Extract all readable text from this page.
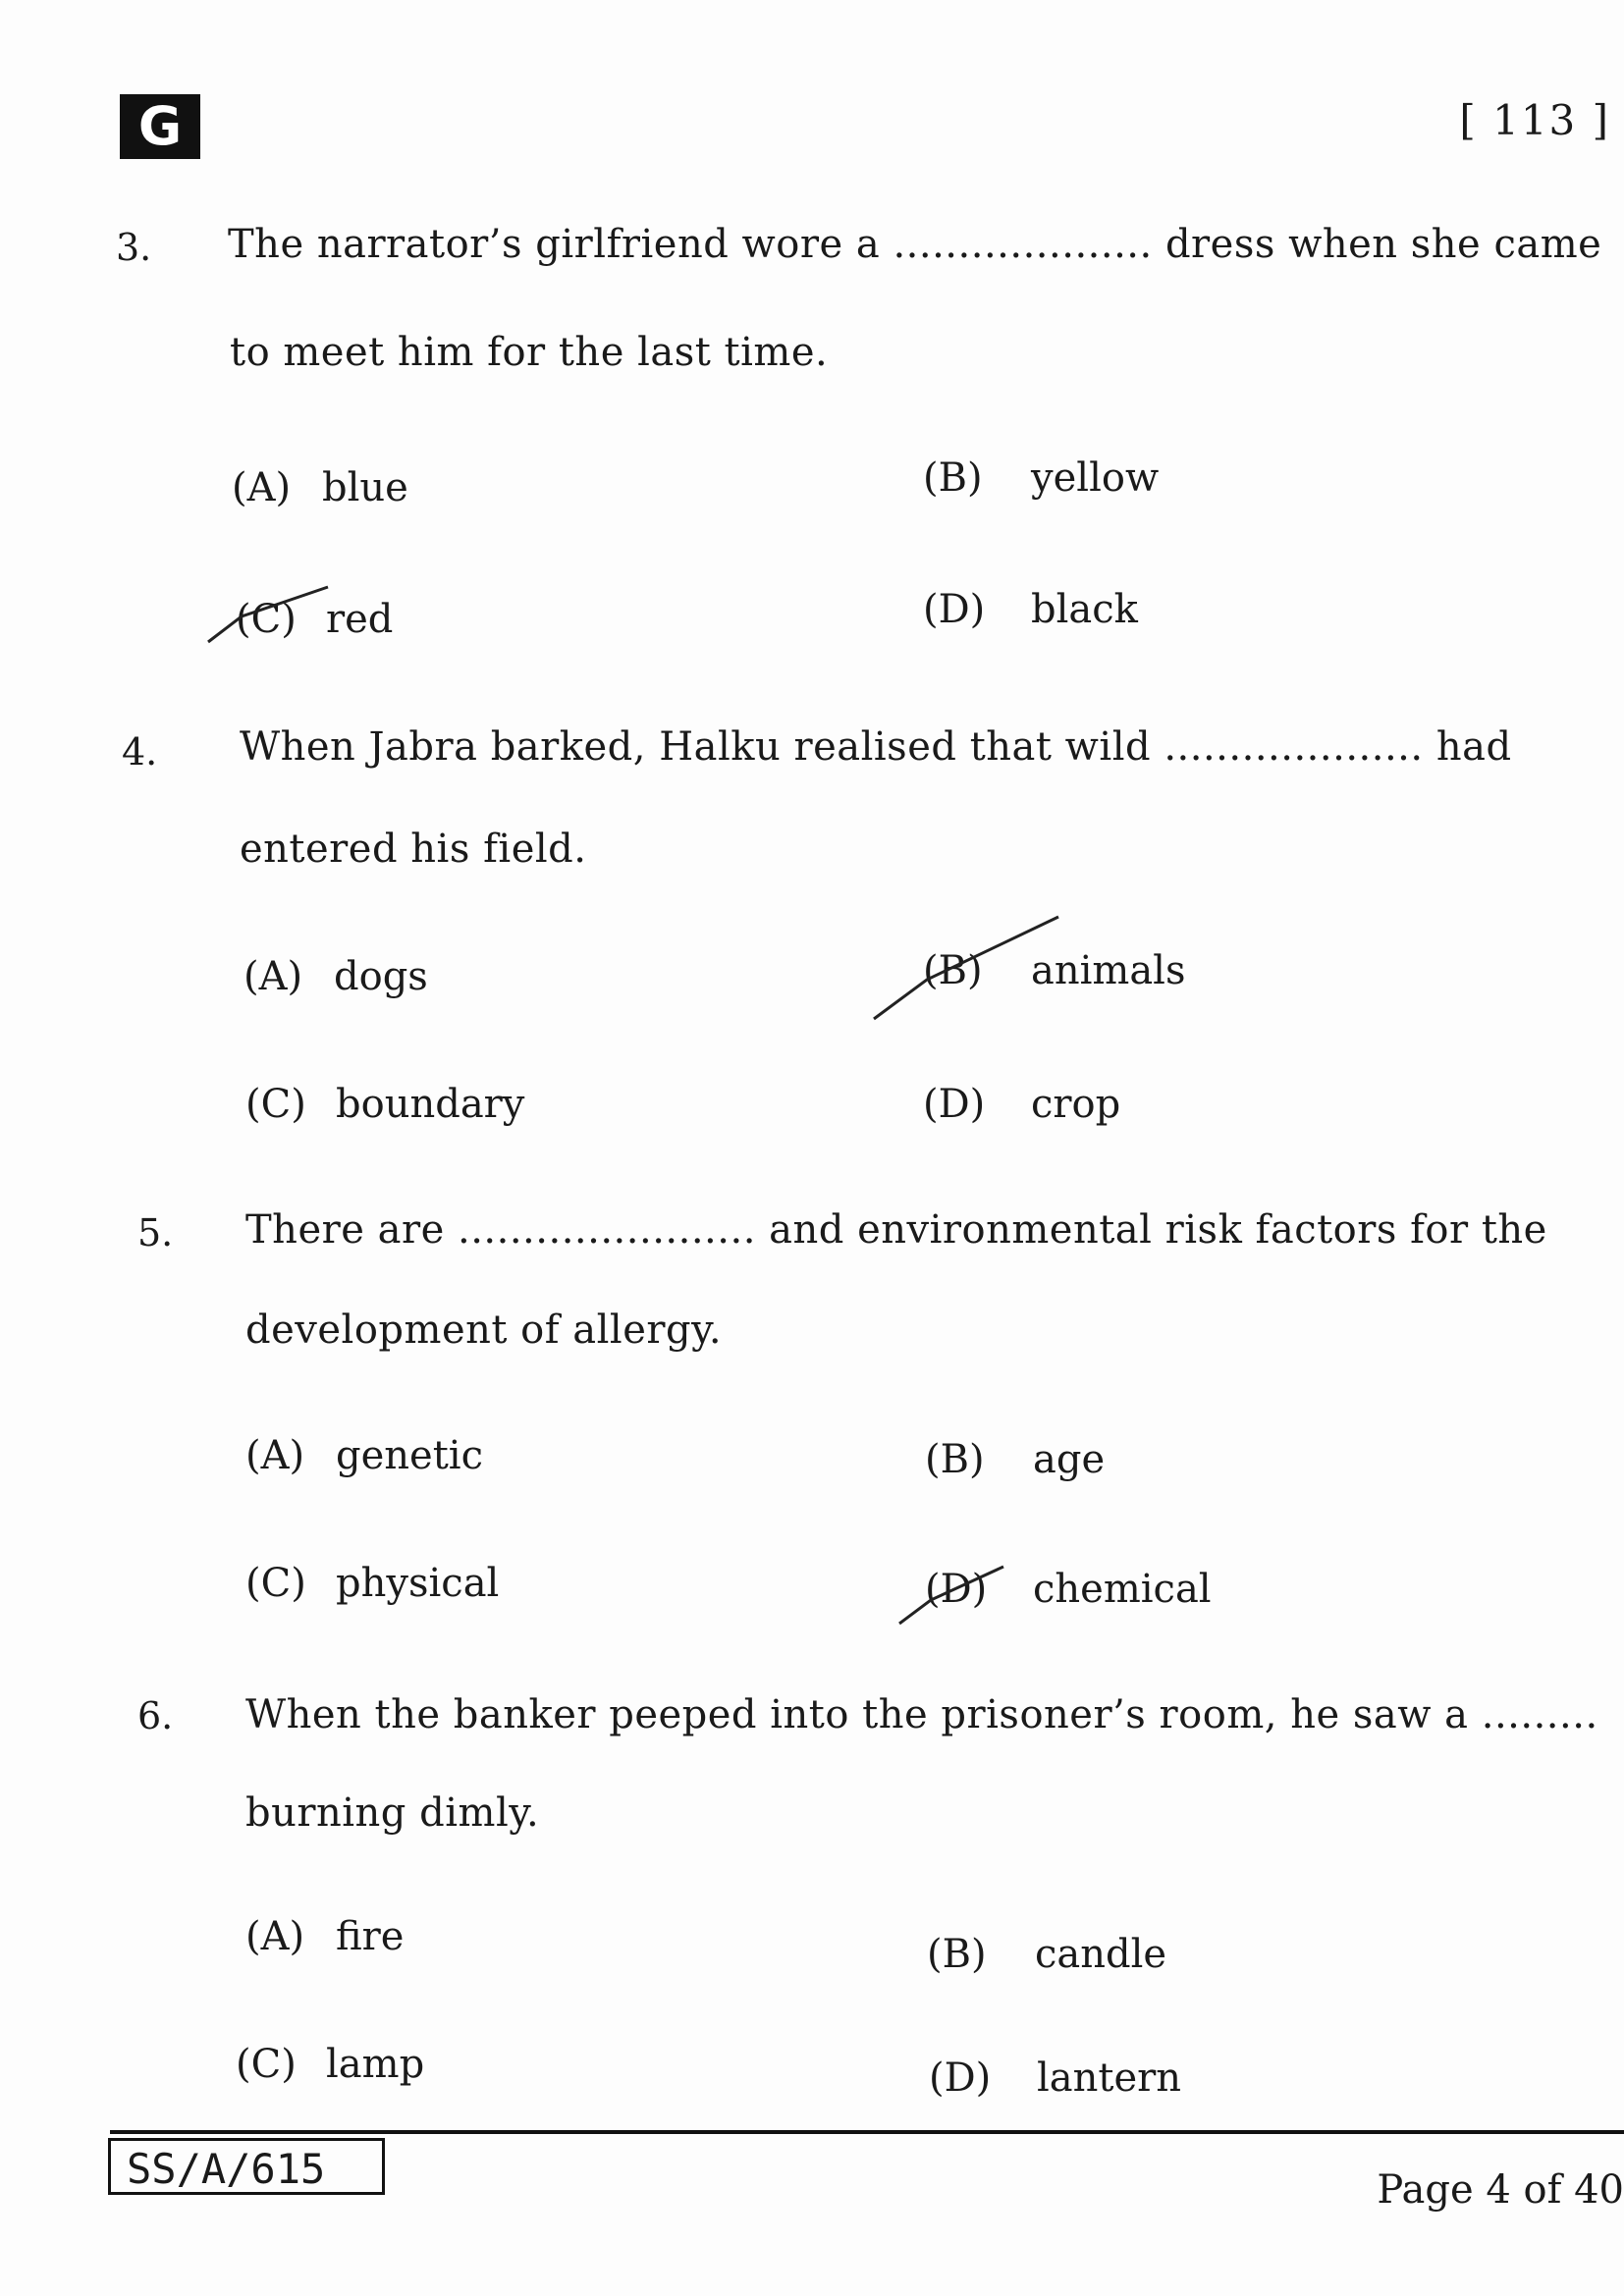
G	[ 113 ]
3. The narrator’s girlfriend wore a .................... dress when she came
to meet him for the last time.
(A) blue	(B) yellow
(C) red	(D) black
4. When Jabra barked, Halku realised that wild .................... had
entered his field.
(A) dogs	(B) animals
(C) boundary	(D) crop
5. There are ....................... and environmental risk factors for the
development of allergy.
(A) genetic	(B) age
(C) physical	(D) chemical
6. When the banker peeped into the prisoner’s room, he saw a .........
burning dimly.
(A) fire	(B) candle
(C) lamp	(D) lantern
SS/A/615	Page 4 of 40
